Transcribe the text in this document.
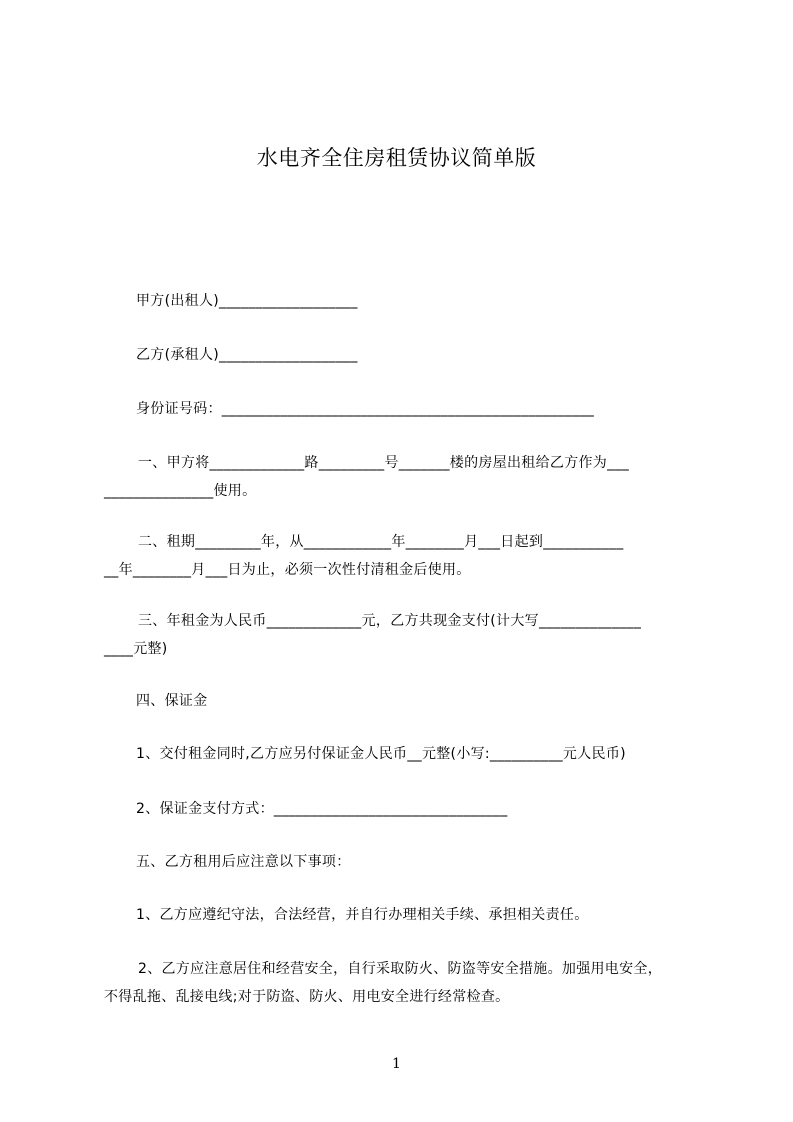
水电齐全住房租赁协议简单版
甲方(出租人)___________________
乙方(承租人)___________________
身份证号码：___________________________________________________
一、甲方将_____________路_________号_______楼的房屋出租给乙方作为___
_______________使用。
二、租期_________年，从____________年________月___日起到___________
__年________月___日为止，必须一次性付清租金后使用。
三、年租金为人民币_____________元，乙方共现金支付(计大写______________
____元整)
四、保证金
1、交付租金同时,乙方应另付保证金人民币__元整(小写:__________元人民币)
2、保证金支付方式：________________________________
五、乙方租用后应注意以下事项：
1、乙方应遵纪守法，合法经营，并自行办理相关手续、承担相关责任。
2、乙方应注意居住和经营安全，自行采取防火、防盗等安全措施。加强用电安全，
不得乱拖、乱接电线;对于防盗、防火、用电安全进行经常检查。
1
